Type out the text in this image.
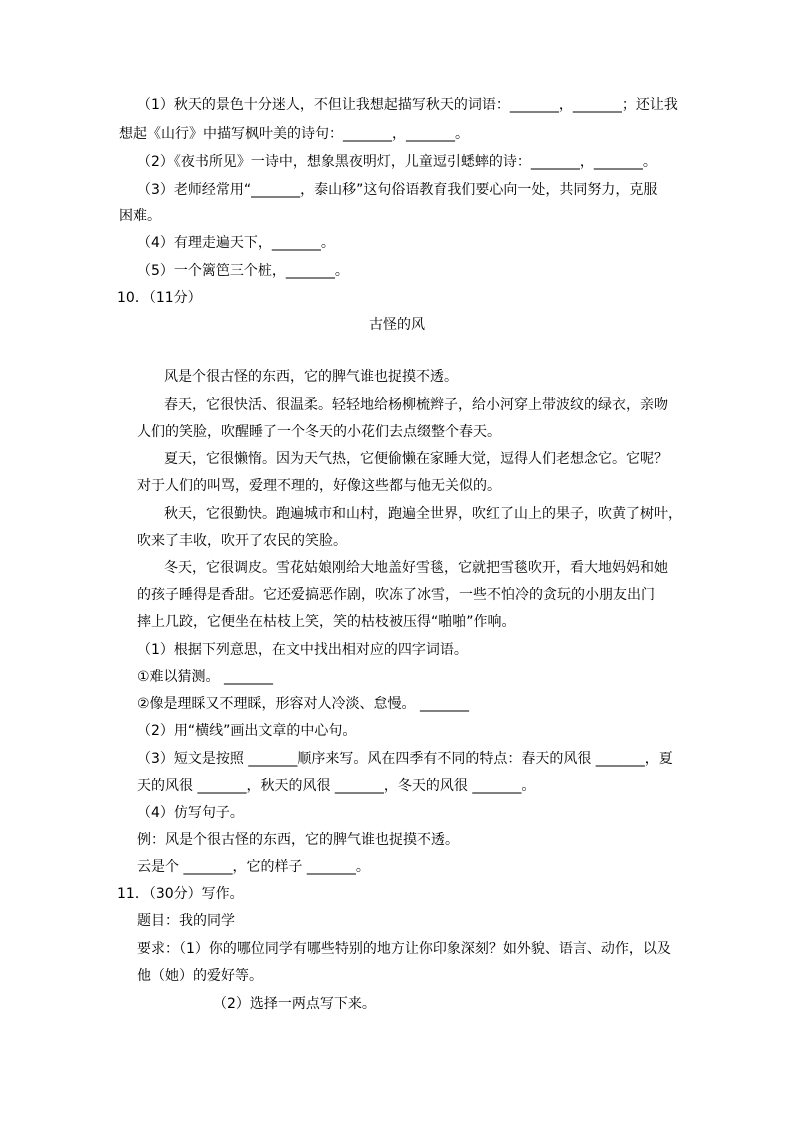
（1）秋天的景色十分迷人，不但让我想起描写秋天的词语：_______，_______；还让我
想起《山行》中描写枫叶美的诗句：_______，_______。
（2）《夜书所见》一诗中，想象黑夜明灯，儿童逗引蟋蟀的诗：_______，_______。
（3）老师经常用“_______，泰山移”这句俗语教育我们要心向一处，共同努力，克服
困难。
（4）有理走遍天下，_______。
（5）一个篱笆三个桩，_______。
10．（11分）
古怪的风
风是个很古怪的东西，它的脾气谁也捉摸不透。
春天，它很快活、很温柔。轻轻地给杨柳梳辫子，给小河穿上带波纹的绿衣，亲吻
人们的笑脸，吹醒睡了一个冬天的小花们去点缀整个春天。
夏天，它很懒惰。因为天气热，它便偷懒在家睡大觉，逗得人们老想念它。它呢？
对于人们的叫骂，爱理不理的，好像这些都与他无关似的。
秋天，它很勤快。跑遍城市和山村，跑遍全世界，吹红了山上的果子，吹黄了树叶，
吹来了丰收，吹开了农民的笑脸。
冬天，它很调皮。雪花姑娘刚给大地盖好雪毯，它就把雪毯吹开，看大地妈妈和她
的孩子睡得是香甜。它还爱搞恶作剧，吹冻了冰雪，一些不怕冷的贪玩的小朋友出门
摔上几跤，它便坐在枯枝上笑，笑的枯枝被压得“啪啪”作响。
（1）根据下列意思，在文中找出相对应的四字词语。
①难以猜测。 _______
②像是理睬又不理睬，形容对人冷淡、怠慢。 _______
（2）用“横线”画出文章的中心句。
（3）短文是按照 _______顺序来写。风在四季有不同的特点：春天的风很 _______，夏
天的风很 _______，秋天的风很 _______，冬天的风很 _______。
（4）仿写句子。
例：风是个很古怪的东西，它的脾气谁也捉摸不透。
云是个 _______，它的样子 _______。
11．（30分）写作。
题目：我的同学
要求：（1）你的哪位同学有哪些特别的地方让你印象深刻？如外貌、语言、动作，以及
他（她）的爱好等。
（2）选择一两点写下来。
